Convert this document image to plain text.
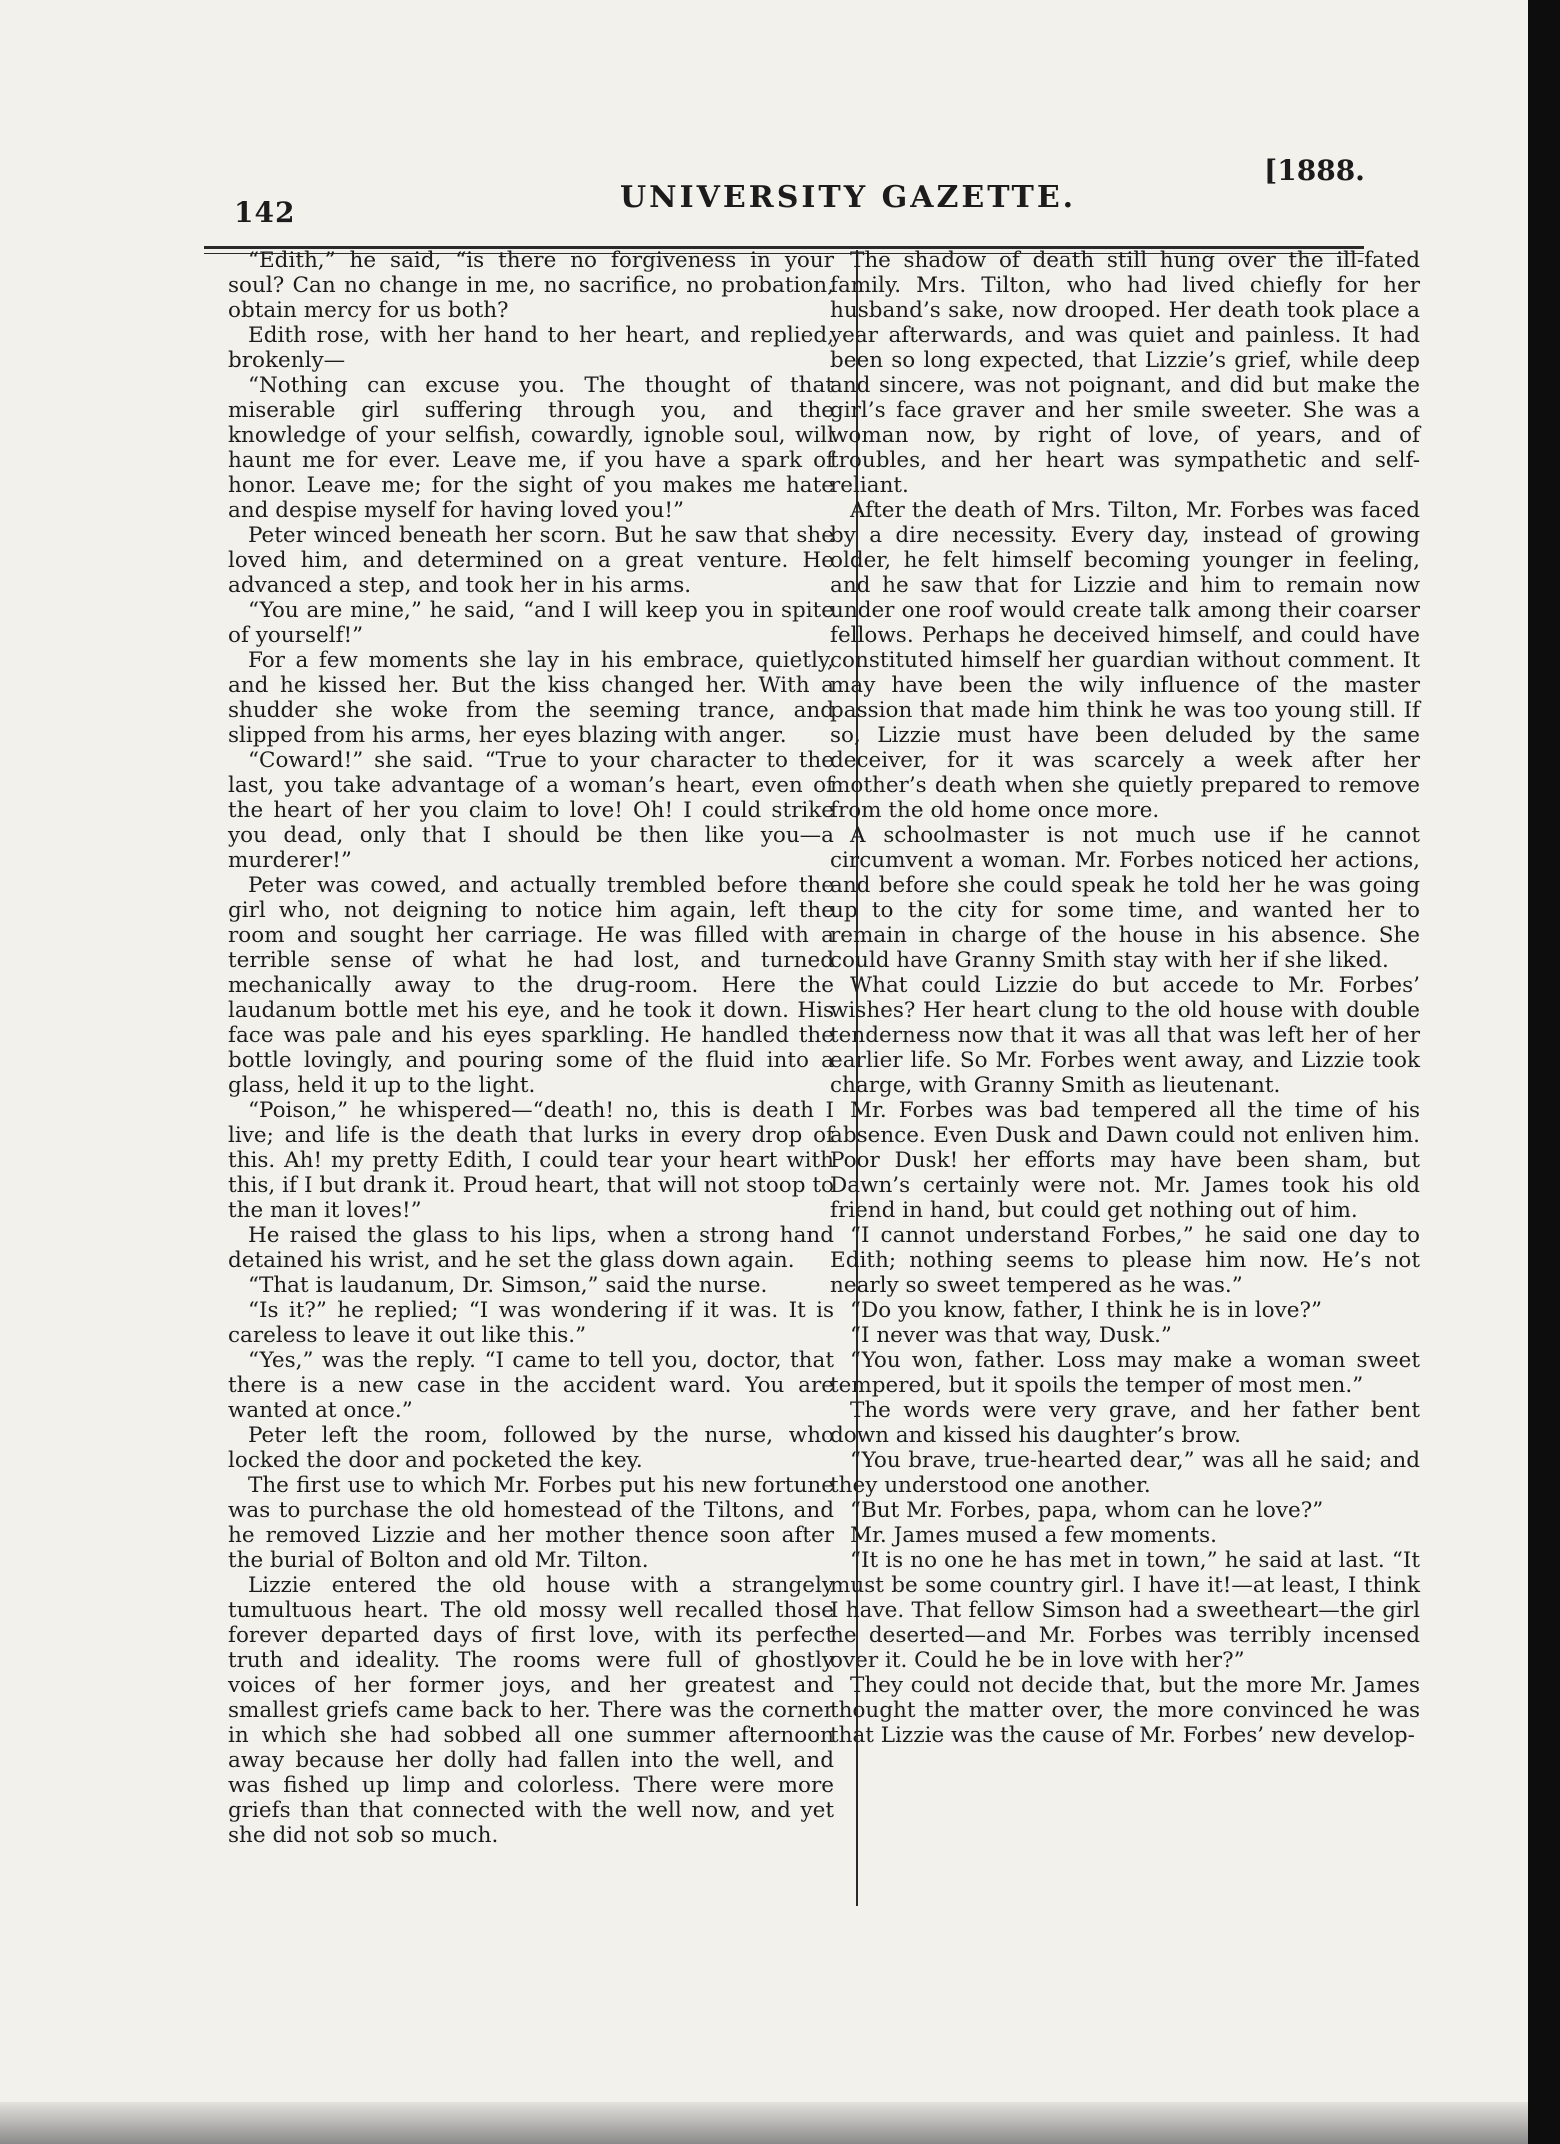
142	UNIVERSITY GAZETTE.
[1888.

“Edith,” he said, “is there no forgiveness in your soul? Can no change in me, no sacrifice, no probation, obtain mercy for us both?

Edith rose, with her hand to her heart, and replied, brokenly—

“Nothing can excuse you. The thought of that miserable girl suffering through you, and the knowledge of your selfish, cowardly, ignoble soul, will haunt me for ever. Leave me, if you have a spark of honor. Leave me; for the sight of you makes me hate and despise myself for having loved you!”

Peter winced beneath her scorn. But he saw that she loved him, and determined on a great venture. He advanced a step, and took her in his arms.

“You are mine,” he said, “and I will keep you in spite of yourself!”

For a few moments she lay in his embrace, quietly, and he kissed her. But the kiss changed her. With a shudder she woke from the seeming trance, and slipped from his arms, her eyes blazing with anger.

“Coward!” she said. “True to your character to the last, you take advantage of a woman’s heart, even of the heart of her you claim to love! Oh! I could strike you dead, only that I should be then like you—a murderer!”

Peter was cowed, and actually trembled before the girl who, not deigning to notice him again, left the room and sought her carriage. He was filled with a terrible sense of what he had lost, and turned mechanically away to the drug-room. Here the laudanum bottle met his eye, and he took it down. His face was pale and his eyes sparkling. He handled the bottle lovingly, and pouring some of the fluid into a glass, held it up to the light.

“Poison,” he whispered—“death! no, this is death I live; and life is the death that lurks in every drop of this. Ah! my pretty Edith, I could tear your heart with this, if I but drank it. Proud heart, that will not stoop to the man it loves!”

He raised the glass to his lips, when a strong hand detained his wrist, and he set the glass down again.

“That is laudanum, Dr. Simson,” said the nurse.

“Is it?” he replied; “I was wondering if it was. It is careless to leave it out like this.”

“Yes,” was the reply. “I came to tell you, doctor, that there is a new case in the accident ward. You are wanted at once.”

Peter left the room, followed by the nurse, who locked the door and pocketed the key.

The first use to which Mr. Forbes put his new fortune was to purchase the old homestead of the Tiltons, and he removed Lizzie and her mother thence soon after the burial of Bolton and old Mr. Tilton.

Lizzie entered the old house with a strangely tumultuous heart. The old mossy well recalled those forever departed days of first love, with its perfect truth and ideality. The rooms were full of ghostly voices of her former joys, and her greatest and smallest griefs came back to her. There was the corner in which she had sobbed all one summer afternoon away because her dolly had fallen into the well, and was fished up limp and colorless. There were more griefs than that connected with the well now, and yet she did not sob so much.

The shadow of death still hung over the ill-fated family. Mrs. Tilton, who had lived chiefly for her husband’s sake, now drooped. Her death took place a year afterwards, and was quiet and painless. It had been so long expected, that Lizzie’s grief, while deep and sincere, was not poignant, and did but make the girl’s face graver and her smile sweeter. She was a woman now, by right of love, of years, and of troubles, and her heart was sympathetic and self-reliant.

After the death of Mrs. Tilton, Mr. Forbes was faced by a dire necessity. Every day, instead of growing older, he felt himself becoming younger in feeling, and he saw that for Lizzie and him to remain now under one roof would create talk among their coarser fellows. Perhaps he deceived himself, and could have constituted himself her guardian without comment. It may have been the wily influence of the master passion that made him think he was too young still. If so, Lizzie must have been deluded by the same deceiver, for it was scarcely a week after her mother’s death when she quietly prepared to remove from the old home once more.

A schoolmaster is not much use if he cannot circumvent a woman. Mr. Forbes noticed her actions, and before she could speak he told her he was going up to the city for some time, and wanted her to remain in charge of the house in his absence. She could have Granny Smith stay with her if she liked.

What could Lizzie do but accede to Mr. Forbes’ wishes? Her heart clung to the old house with double tenderness now that it was all that was left her of her earlier life. So Mr. Forbes went away, and Lizzie took charge, with Granny Smith as lieutenant.

Mr. Forbes was bad tempered all the time of his absence. Even Dusk and Dawn could not enliven him. Poor Dusk! her efforts may have been sham, but Dawn’s certainly were not. Mr. James took his old friend in hand, but could get nothing out of him.

“I cannot understand Forbes,” he said one day to Edith; nothing seems to please him now. He’s not nearly so sweet tempered as he was.”

“Do you know, father, I think he is in love?”

“I never was that way, Dusk.”

“You won, father. Loss may make a woman sweet tempered, but it spoils the temper of most men.”

The words were very grave, and her father bent down and kissed his daughter’s brow.

“You brave, true-hearted dear,” was all he said; and they understood one another.

“But Mr. Forbes, papa, whom can he love?”

Mr. James mused a few moments.

“It is no one he has met in town,” he said at last. “It must be some country girl. I have it!—at least, I think I have. That fellow Simson had a sweetheart—the girl he deserted—and Mr. Forbes was terribly incensed over it. Could he be in love with her?”

They could not decide that, but the more Mr. James thought the matter over, the more convinced he was that Lizzie was the cause of Mr. Forbes’ new develop-
